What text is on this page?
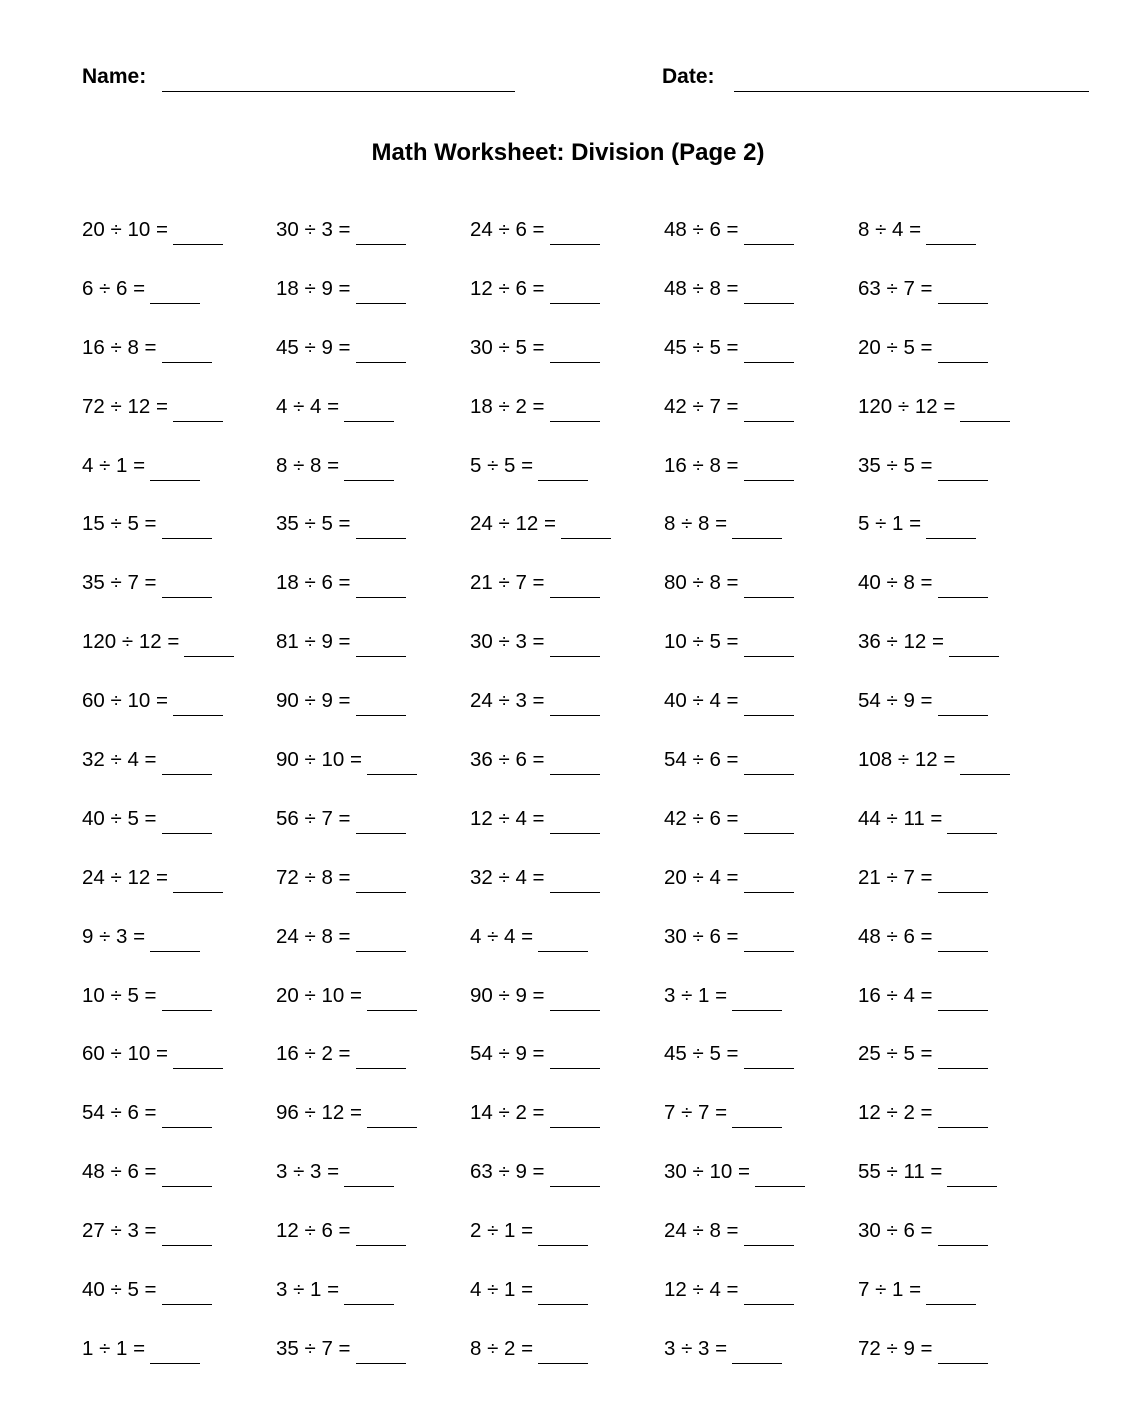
Name:	Date:
Math Worksheet: Division (Page 2)
20 ÷ 10 =	30 ÷ 3 =	24 ÷ 6 =	48 ÷ 6 =	8 ÷ 4 =
6 ÷ 6 =	18 ÷ 9 =	12 ÷ 6 =	48 ÷ 8 =	63 ÷ 7 =
16 ÷ 8 =	45 ÷ 9 =	30 ÷ 5 =	45 ÷ 5 =	20 ÷ 5 =
72 ÷ 12 =	4 ÷ 4 =	18 ÷ 2 =	42 ÷ 7 =	120 ÷ 12 =
4 ÷ 1 =	8 ÷ 8 =	5 ÷ 5 =	16 ÷ 8 =	35 ÷ 5 =
15 ÷ 5 =	35 ÷ 5 =	24 ÷ 12 =	8 ÷ 8 =	5 ÷ 1 =
35 ÷ 7 =	18 ÷ 6 =	21 ÷ 7 =	80 ÷ 8 =	40 ÷ 8 =
120 ÷ 12 =	81 ÷ 9 =	30 ÷ 3 =	10 ÷ 5 =	36 ÷ 12 =
60 ÷ 10 =	90 ÷ 9 =	24 ÷ 3 =	40 ÷ 4 =	54 ÷ 9 =
32 ÷ 4 =	90 ÷ 10 =	36 ÷ 6 =	54 ÷ 6 =	108 ÷ 12 =
40 ÷ 5 =	56 ÷ 7 =	12 ÷ 4 =	42 ÷ 6 =	44 ÷ 11 =
24 ÷ 12 =	72 ÷ 8 =	32 ÷ 4 =	20 ÷ 4 =	21 ÷ 7 =
9 ÷ 3 =	24 ÷ 8 =	4 ÷ 4 =	30 ÷ 6 =	48 ÷ 6 =
10 ÷ 5 =	20 ÷ 10 =	90 ÷ 9 =	3 ÷ 1 =	16 ÷ 4 =
60 ÷ 10 =	16 ÷ 2 =	54 ÷ 9 =	45 ÷ 5 =	25 ÷ 5 =
54 ÷ 6 =	96 ÷ 12 =	14 ÷ 2 =	7 ÷ 7 =	12 ÷ 2 =
48 ÷ 6 =	3 ÷ 3 =	63 ÷ 9 =	30 ÷ 10 =	55 ÷ 11 =
27 ÷ 3 =	12 ÷ 6 =	2 ÷ 1 =	24 ÷ 8 =	30 ÷ 6 =
40 ÷ 5 =	3 ÷ 1 =	4 ÷ 1 =	12 ÷ 4 =	7 ÷ 1 =
1 ÷ 1 =	35 ÷ 7 =	8 ÷ 2 =	3 ÷ 3 =	72 ÷ 9 =
